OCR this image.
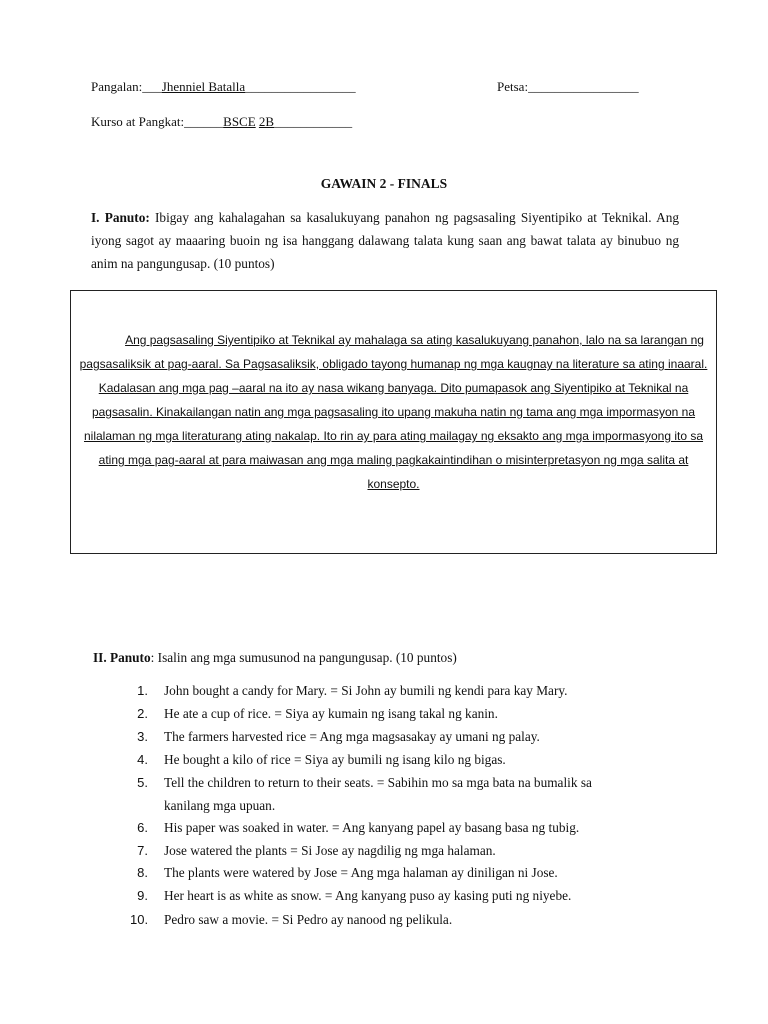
Pangalan:___Jhenniel Batalla_________________	Petsa:_________________
Kurso at Pangkat:______BSCE 2B____________
GAWAIN 2 - FINALS
I. Panuto: Ibigay ang kahalagahan sa kasalukuyang panahon ng pagsasaling Siyentipiko at Teknikal. Ang iyong sagot ay maaaring buoin ng isa hanggang dalawang talata kung saan ang bawat talata ay binubuo ng anim na pangungusap. (10 puntos)
Ang pagsasaling Siyentipiko at Teknikal ay mahalaga sa ating kasalukuyang panahon, lalo na sa larangan ng pagsasaliksik at pag-aaral. Sa Pagsasaliksik, obligado tayong humanap ng mga kaugnay na literature sa ating inaaral. Kadalasan ang mga pag –aaral na ito ay nasa wikang banyaga. Dito pumapasok ang Siyentipiko at Teknikal na pagsasalin. Kinakailangan natin ang mga pagsasaling ito upang makuha natin ng tama ang mga impormasyon na nilalaman ng mga literaturang ating nakalap. Ito rin ay para ating mailagay ng eksakto ang mga impormasyong ito sa ating mga pag-aaral at para maiwasan ang mga maling pagkakaintindihan o misinterpretasyon ng mga salita at konsepto.
II. Panuto: Isalin ang mga sumusunod na pangungusap. (10 puntos)
1. John bought a candy for Mary. = Si John ay bumili ng kendi para kay Mary.
2. He ate a cup of rice. = Siya ay kumain ng isang takal ng kanin.
3. The farmers harvested rice = Ang mga magsasakay ay umani ng palay.
4. He bought a kilo of rice = Siya ay bumili ng isang kilo ng bigas.
5. Tell the children to return to their seats. = Sabihin mo sa mga bata na bumalik sa
kanilang mga upuan.
6. His paper was soaked in water. = Ang kanyang papel ay basang basa ng tubig.
7. Jose watered the plants = Si Jose ay nagdilig ng mga halaman.
8. The plants were watered by Jose = Ang mga halaman ay diniligan ni Jose.
9. Her heart is as white as snow. = Ang kanyang puso ay kasing puti ng niyebe.
10. Pedro saw a movie. = Si Pedro ay nanood ng pelikula.
